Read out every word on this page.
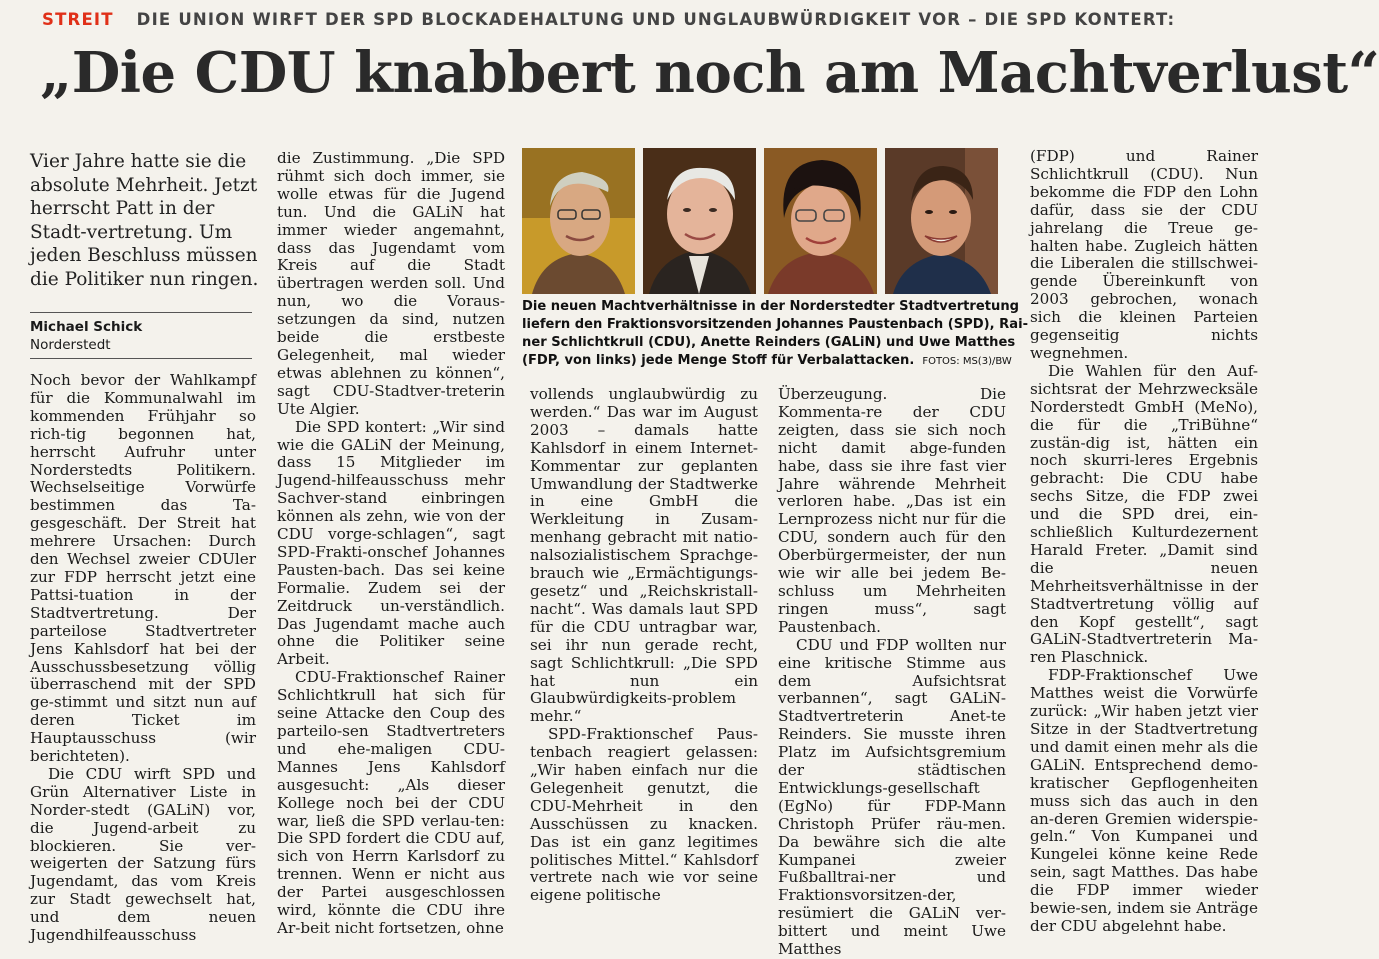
STREIT DIE UNION WIRFT DER SPD BLOCKADEHALTUNG UND UNGLAUBWÜRDIGKEIT VOR – DIE SPD KONTERT:
„Die CDU knabbert noch am Machtverlust“
Vier Jahre hatte sie die absolute Mehrheit. Jetzt herrscht Patt in der Stadt-vertretung. Um jeden Beschluss müssen die Politiker nun ringen.
Michael Schick
Norderstedt

Noch bevor der Wahlkampf für die Kommunalwahl im kommenden Frühjahr so rich-tig begonnen hat, herrscht Aufruhr unter Norderstedts Politikern. Wechselseitige Vorwürfe bestimmen das Ta-gesgeschäft. Der Streit hat mehrere Ursachen: Durch den Wechsel zweier CDUler zur FDP herrscht jetzt eine Pattsi-tuation in der Stadtvertretung. Der parteilose Stadtvertreter Jens Kahlsdorf hat bei der Ausschussbesetzung völlig überraschend mit der SPD ge-stimmt und sitzt nun auf deren Ticket im Hauptausschuss (wir berichteten).

Die CDU wirft SPD und Grün Alternativer Liste in Norder-stedt (GALiN) vor, die Jugend-arbeit zu blockieren. Sie ver-weigerten der Satzung fürs Jugendamt, das vom Kreis zur Stadt gewechselt hat, und dem neuen Jugendhilfeausschuss

die Zustimmung. „Die SPD rühmt sich doch immer, sie wolle etwas für die Jugend tun. Und die GALiN hat immer wieder angemahnt, dass das Jugendamt vom Kreis auf die Stadt übertragen werden soll. Und nun, wo die Voraus-setzungen da sind, nutzen beide die erstbeste Gelegenheit, mal wieder etwas ablehnen zu können“, sagt CDU-Stadtver-treterin Ute Algier.

Die SPD kontert: „Wir sind wie die GALiN der Meinung, dass 15 Mitglieder im Jugend-hilfeausschuss mehr Sachver-stand einbringen können als zehn, wie von der CDU vorge-schlagen“, sagt SPD-Frakti-onschef Johannes Pausten-bach. Das sei keine Formalie. Zudem sei der Zeitdruck un-verständlich. Das Jugendamt mache auch ohne die Politiker seine Arbeit.

CDU-Fraktionschef Rainer Schlichtkrull hat sich für seine Attacke den Coup des parteilo-sen Stadtvertreters und ehe-maligen CDU-Mannes Jens Kahlsdorf ausgesucht: „Als dieser Kollege noch bei der CDU war, ließ die SPD verlau-ten: Die SPD fordert die CDU auf, sich von Herrn Karlsdorf zu trennen. Wenn er nicht aus der Partei ausgeschlossen wird, könnte die CDU ihre Ar-beit nicht fortsetzen, ohne

Die neuen Machtverhältnisse in der Norderstedter Stadtvertretung
liefern den Fraktionsvorsitzenden Johannes Paustenbach (SPD), Rai-
ner Schlichtkrull (CDU), Anette Reinders (GALiN) und Uwe Matthes
(FDP, von links) jede Menge Stoff für Verbalattacken. FOTOS: MS(3)/BW

vollends unglaubwürdig zu werden.“ Das war im August 2003 – damals hatte Kahlsdorf in einem Internet-Kommentar zur geplanten Umwandlung der Stadtwerke in eine GmbH die Werkleitung in Zusam-menhang gebracht mit natio-nalsozialistischem Sprachge-brauch wie „Ermächtigungs-gesetz“ und „Reichskristall-nacht“. Was damals laut SPD für die CDU untragbar war, sei ihr nun gerade recht, sagt Schlichtkrull: „Die SPD hat nun ein Glaubwürdigkeits-problem mehr.“

SPD-Fraktionschef Paus-tenbach reagiert gelassen: „Wir haben einfach nur die Gelegenheit genutzt, die CDU-Mehrheit in den Ausschüssen zu knacken. Das ist ein ganz legitimes politisches Mittel.“ Kahlsdorf vertrete nach wie vor seine eigene politische

Überzeugung. Die Kommenta-re der CDU zeigten, dass sie sich noch nicht damit abge-funden habe, dass sie ihre fast vier Jahre währende Mehrheit verloren habe. „Das ist ein Lernprozess nicht nur für die CDU, sondern auch für den Oberbürgermeister, der nun wie wir alle bei jedem Be-schluss um Mehrheiten ringen muss“, sagt Paustenbach.

CDU und FDP wollten nur eine kritische Stimme aus dem Aufsichtsrat verbannen“, sagt GALiN-Stadtvertreterin Anet-te Reinders. Sie musste ihren Platz im Aufsichtsgremium der städtischen Entwicklungs-gesellschaft (EgNo) für FDP-Mann Christoph Prüfer räu-men. Da bewähre sich die alte Kumpanei zweier Fußballtrai-ner und Fraktionsvorsitzen-der, resümiert die GALiN ver-bittert und meint Uwe Matthes

(FDP) und Rainer Schlichtkrull (CDU). Nun bekomme die FDP den Lohn dafür, dass sie der CDU jahrelang die Treue ge-halten habe. Zugleich hätten die Liberalen die stillschwei-gende Übereinkunft von 2003 gebrochen, wonach sich die kleinen Parteien gegenseitig nichts wegnehmen.

Die Wahlen für den Auf-sichtsrat der Mehrzwecksäle Norderstedt GmbH (MeNo), die für die „TriBühne“ zustän-dig ist, hätten ein noch skurri-leres Ergebnis gebracht: Die CDU habe sechs Sitze, die FDP zwei und die SPD drei, ein-schließlich Kulturdezernent Harald Freter. „Damit sind die neuen Mehrheitsverhältnisse in der Stadtvertretung völlig auf den Kopf gestellt“, sagt GALiN-Stadtvertreterin Ma-ren Plaschnick.

FDP-Fraktionschef Uwe Matthes weist die Vorwürfe zurück: „Wir haben jetzt vier Sitze in der Stadtvertretung und damit einen mehr als die GALiN. Entsprechend demo-kratischer Gepflogenheiten muss sich das auch in den an-deren Gremien widerspie-geln.“ Von Kumpanei und Kungelei könne keine Rede sein, sagt Matthes. Das habe die FDP immer wieder bewie-sen, indem sie Anträge der CDU abgelehnt habe.
